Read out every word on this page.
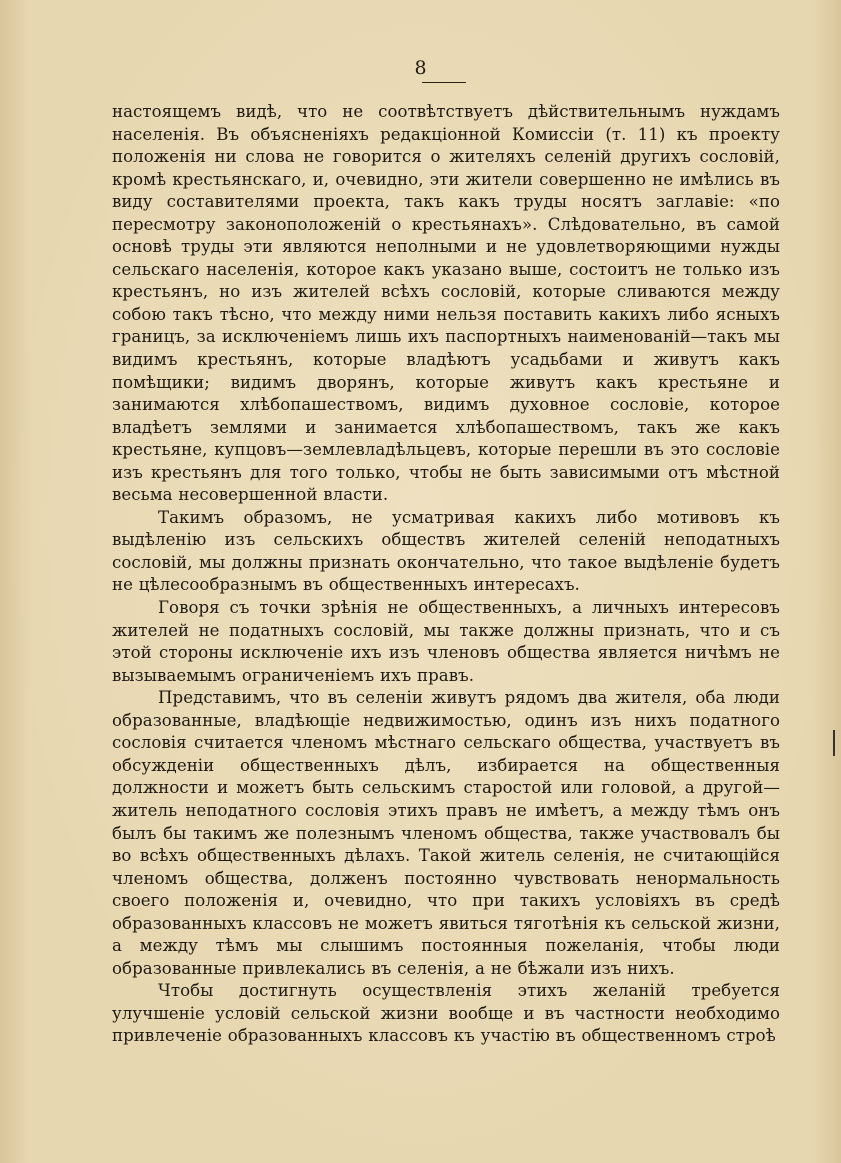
8

настоящемъ видѣ, что не соотвѣтствуетъ дѣйствительнымъ нуждамъ населенія. Въ объясненіяхъ редакціонной Комиссіи (т. 11) къ проекту положенія ни слова не говорится о жителяхъ селеній другихъ сословій, кромѣ крестьянскаго, и, очевидно, эти жители совершенно не имѣлись въ виду составителями проекта, такъ какъ труды носятъ заглавіе: «по пересмотру законоположеній о крестьянахъ». Слѣдовательно, въ самой основѣ труды эти являются неполными и не удовлетворяющими нужды сельскаго населенія, которое какъ указано выше, состоитъ не только изъ крестьянъ, но изъ жителей всѣхъ сословій, которые сливаются между собою такъ тѣсно, что между ними нельзя поставить какихъ либо ясныхъ границъ, за исключеніемъ лишь ихъ паспортныхъ наименованій—такъ мы видимъ крестьянъ, которые владѣютъ усадьбами и живутъ какъ помѣщики; видимъ дворянъ, которые живутъ какъ крестьяне и занимаются хлѣбопашествомъ, видимъ духовное сословіе, которое владѣетъ землями и занимается хлѣбопашествомъ, такъ же какъ крестьяне, купцовъ—землевладѣльцевъ, которые перешли въ это сословіе изъ крестьянъ для того только, чтобы не быть зависимыми отъ мѣстной весьма несовершенной власти.

Такимъ образомъ, не усматривая какихъ либо мотивовъ къ выдѣленію изъ сельскихъ обществъ жителей селеній неподатныхъ сословій, мы должны признать окончательно, что такое выдѣленіе будетъ не цѣлесообразнымъ въ общественныхъ интересахъ.

Говоря съ точки зрѣнія не общественныхъ, а личныхъ интересовъ жителей не податныхъ сословій, мы также должны признать, что и съ этой стороны исключеніе ихъ изъ членовъ общества является ничѣмъ не вызываемымъ ограниченіемъ ихъ правъ.

Представимъ, что въ селеніи живутъ рядомъ два жителя, оба люди образованные, владѣющіе недвижимостью, одинъ изъ нихъ податного сословія считается членомъ мѣстнаго сельскаго общества, участвуетъ въ обсужденіи общественныхъ дѣлъ, избирается на общественныя должности и можетъ быть сельскимъ старостой или головой, а другой—житель неподатного сословія этихъ правъ не имѣетъ, а между тѣмъ онъ былъ бы такимъ же полезнымъ членомъ общества, также участвовалъ бы во всѣхъ общественныхъ дѣлахъ. Такой житель селенія, не считающійся членомъ общества, долженъ постоянно чувствовать ненормальность своего положенія и, очевидно, что при такихъ условіяхъ въ средѣ образованныхъ классовъ не можетъ явиться тяготѣнія къ сельской жизни, а между тѣмъ мы слышимъ постоянныя пожеланія, чтобы люди образованные привлекались въ селенія, а не бѣжали изъ нихъ.

Чтобы достигнуть осуществленія этихъ желаній требуется улучшеніе условій сельской жизни вообще и въ частности необходимо привлеченіе образованныхъ классовъ къ участію въ общественномъ строѣ
